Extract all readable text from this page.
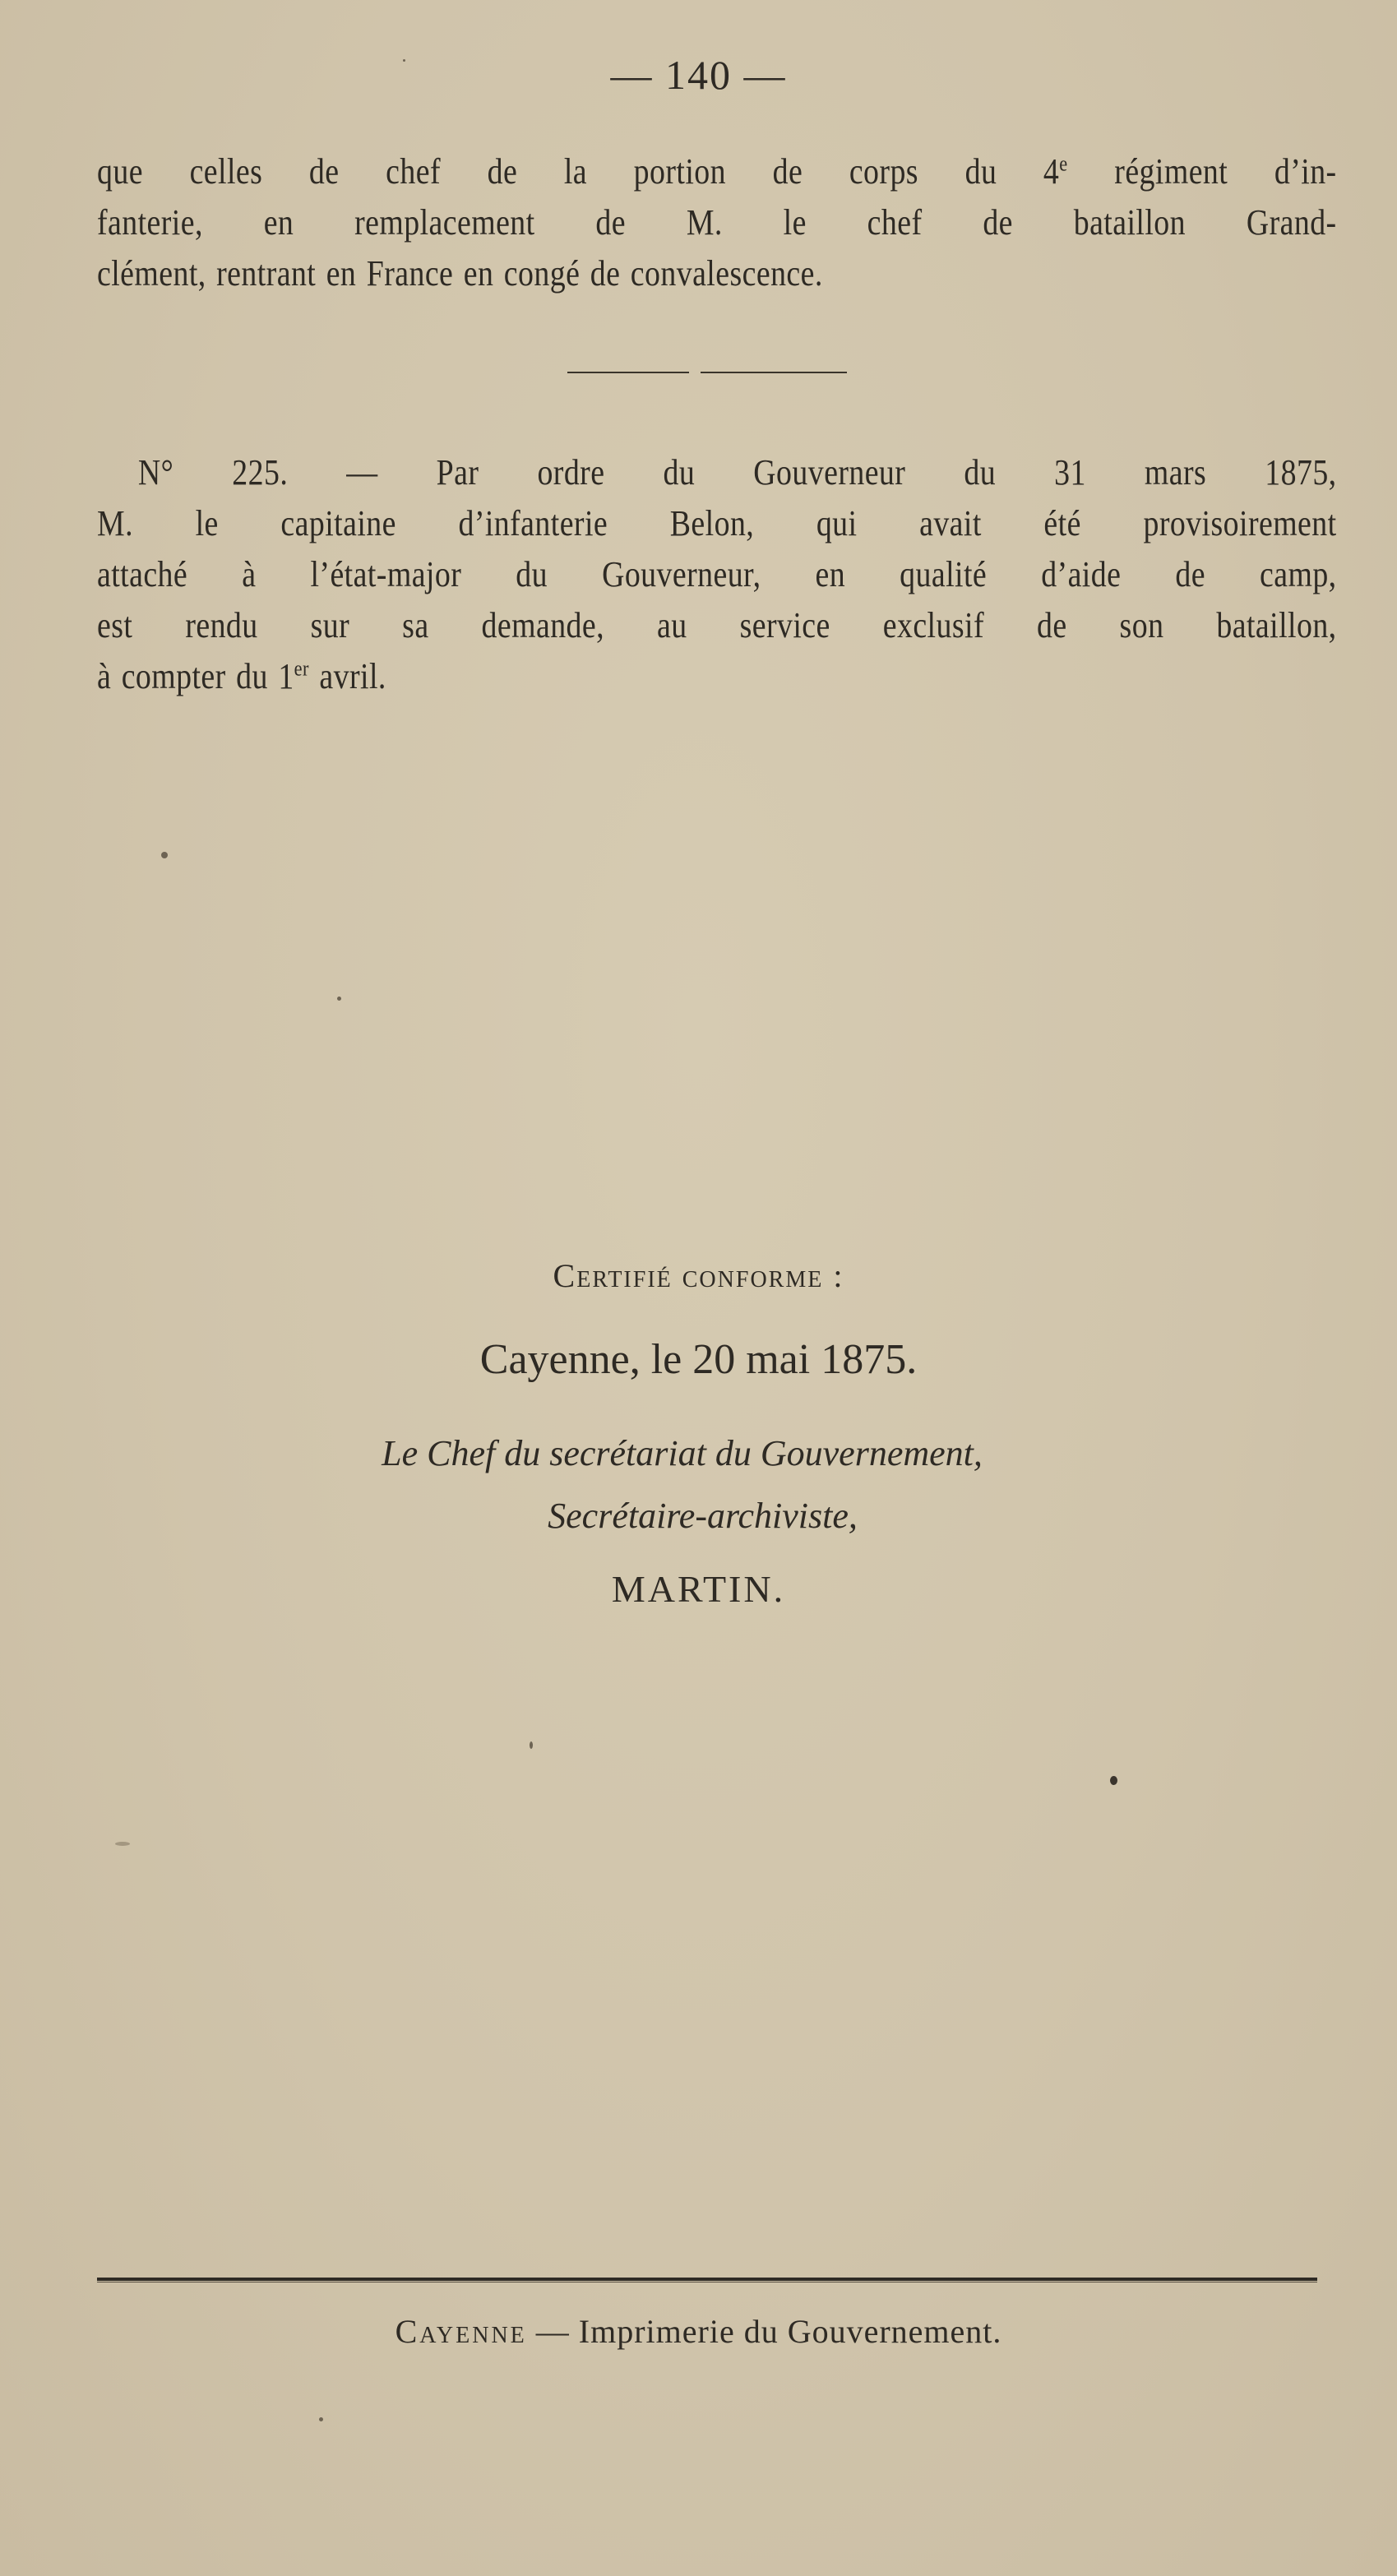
— 140 —
que celles de chef de la portion de corps du 4e régiment d’in-
fanterie, en remplacement de M. le chef de bataillon Grand-
clément, rentrant en France en congé de convalescence.
N° 225. — Par ordre du Gouverneur du 31 mars 1875,
M. le capitaine d’infanterie Belon, qui avait été provisoirement
attaché à l’état-major du Gouverneur, en qualité d’aide de camp,
est rendu sur sa demande, au service exclusif de son bataillon,
à compter du 1er avril.
Certifié conforme :
Cayenne, le 20 mai 1875.
Le Chef du secrétariat du Gouvernement,
Secrétaire-archiviste,
MARTIN.
Cayenne — Imprimerie du Gouvernement.
